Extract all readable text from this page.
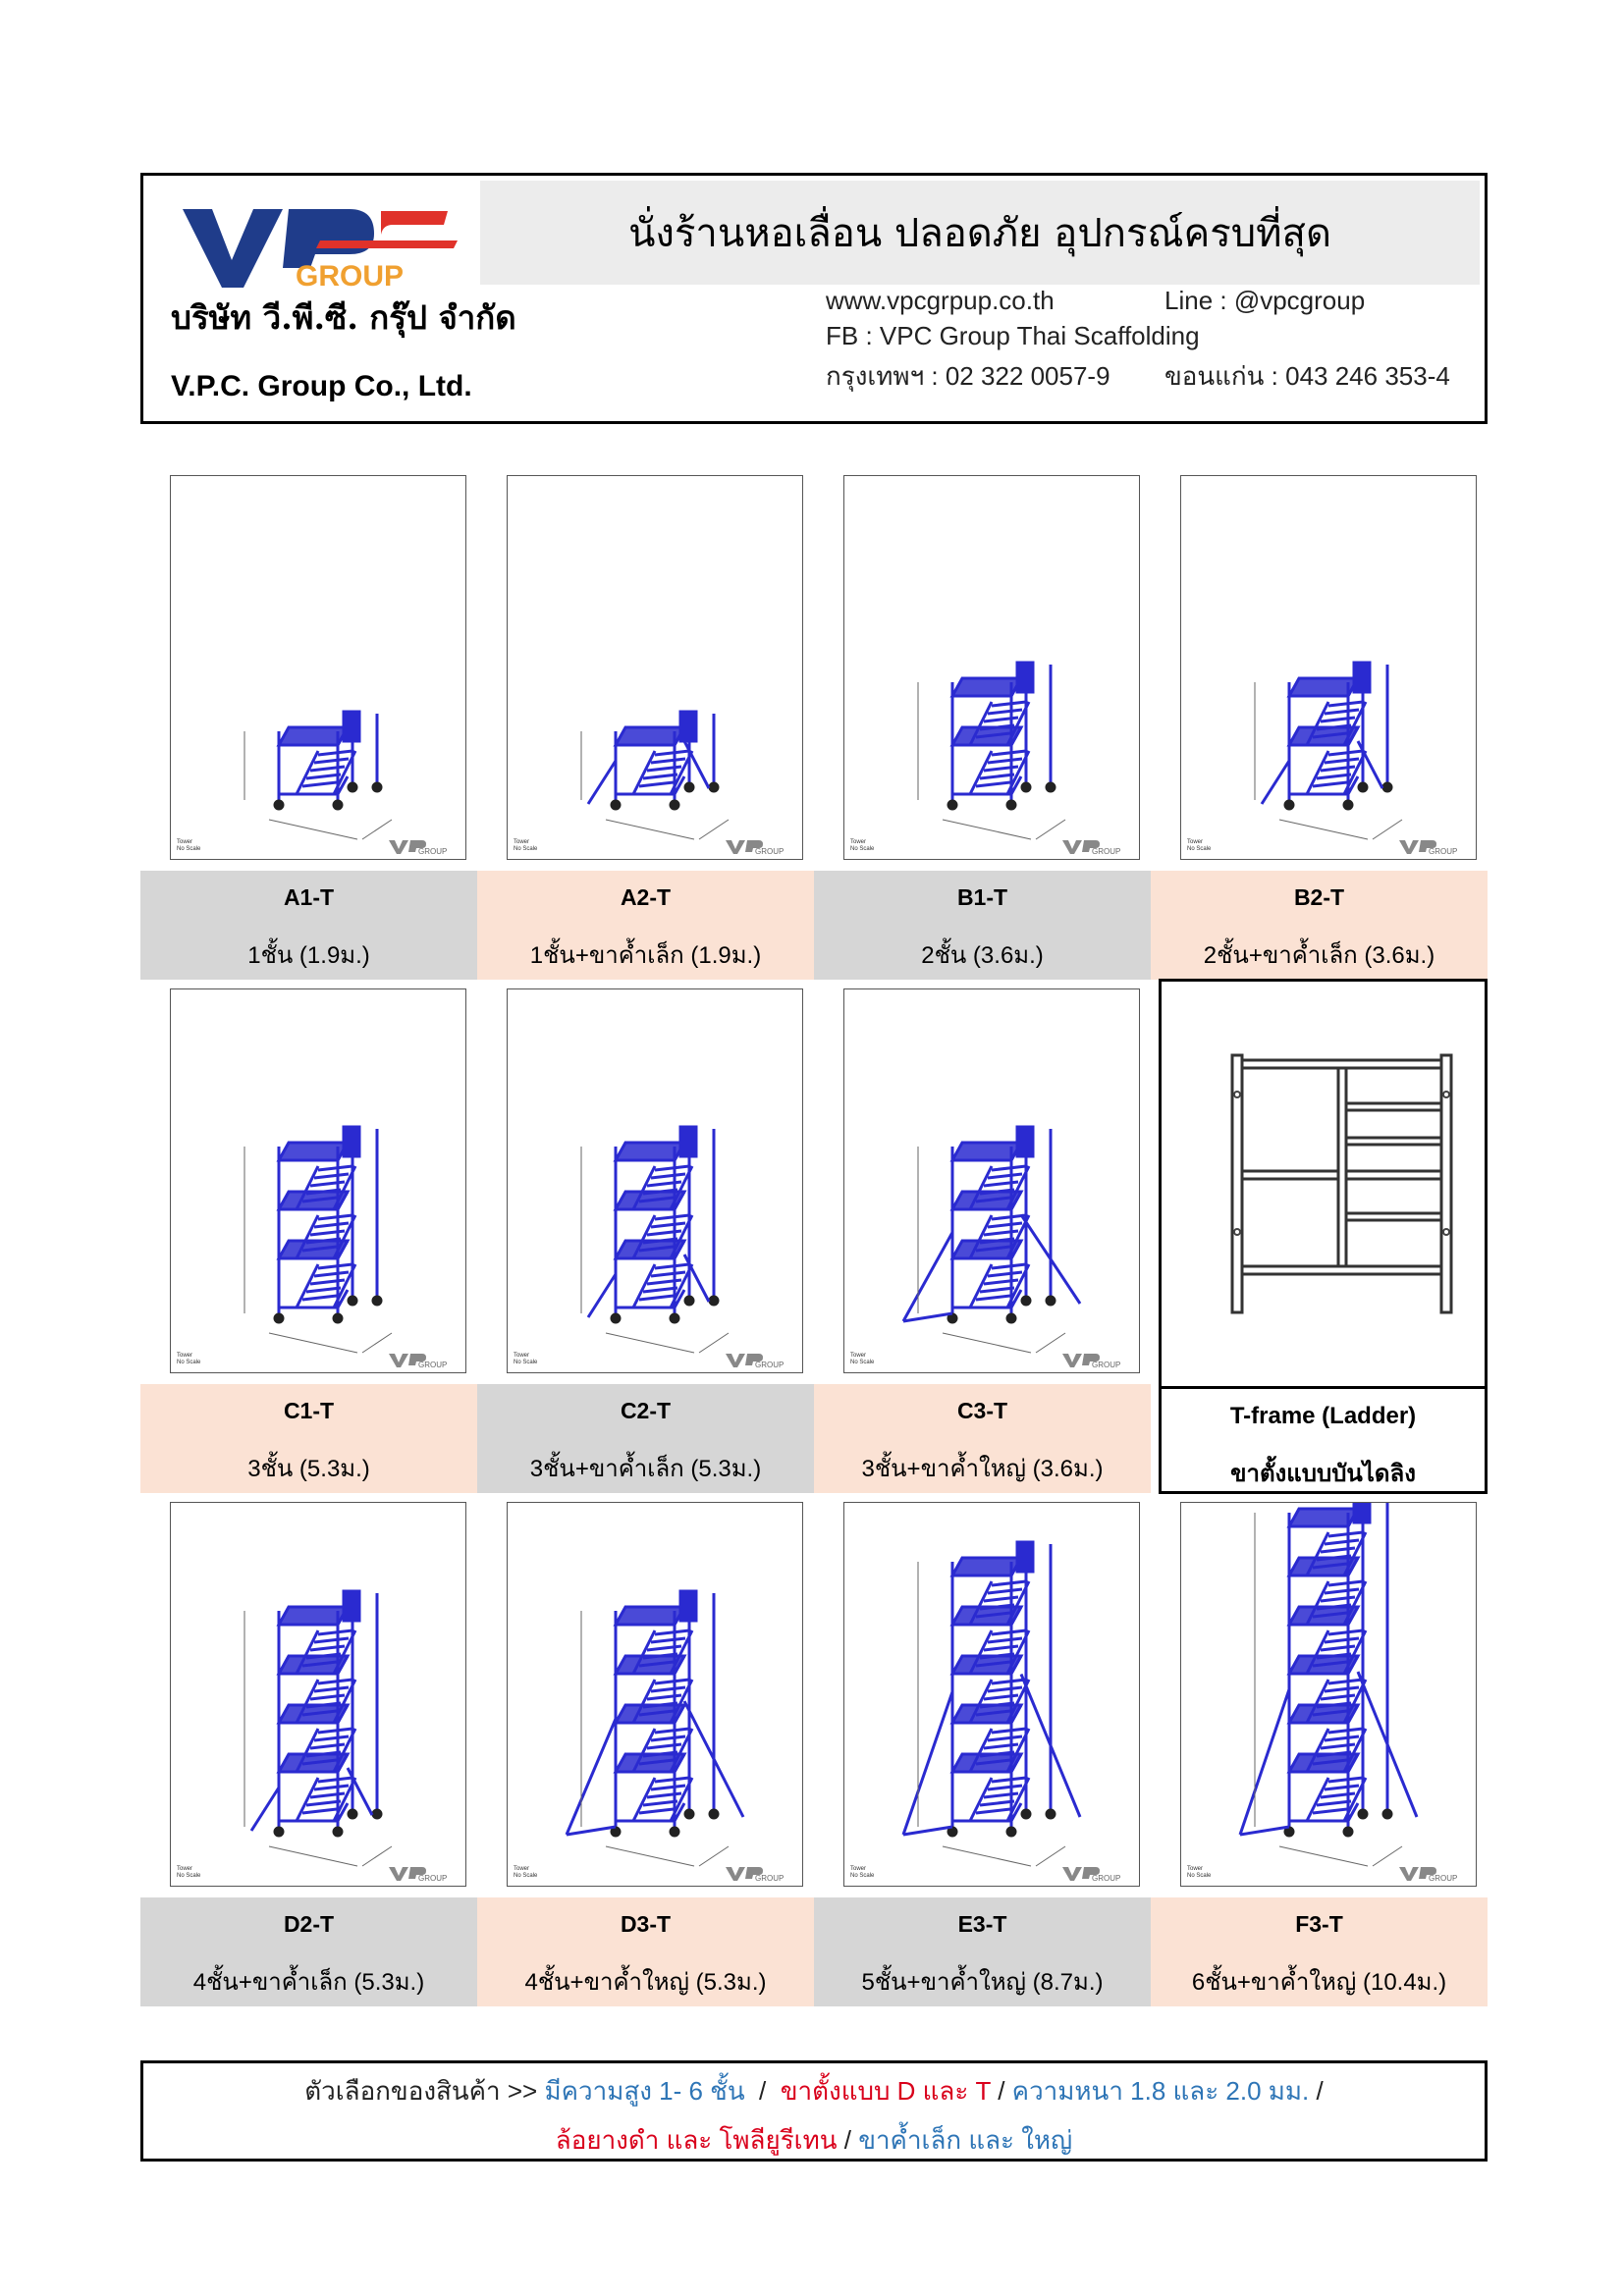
GROUP
นั่งร้านหอเลื่อน ปลอดภัย อุปกรณ์ครบที่สุด
บริษัท วี.พี.ซี. กรุ๊ป จำกัด
V.P.C. Group Co., Ltd.
www.vpcgrpup.co.th	Line : @vpcgroup
FB : VPC Group Thai Scaffolding
กรุงเทพฯ : 02 322 0057-9 ขอนแก่น : 043 246 353-4
Tower
No Scale	GROUP
A1-T
1ชั้น (1.9ม.)
Tower
No Scale	GROUP
A2-T
1ชั้น+ขาค้ำเล็ก (1.9ม.)
Tower
No Scale	GROUP
B1-T
2ชั้น (3.6ม.)
Tower
No Scale	GROUP
B2-T
2ชั้น+ขาค้ำเล็ก (3.6ม.)
Tower
No Scale	GROUP
C1-T
3ชั้น (5.3ม.)
Tower
No Scale	GROUP
C2-T
3ชั้น+ขาค้ำเล็ก (5.3ม.)
Tower
No Scale	GROUP
C3-T
3ชั้น+ขาค้ำใหญ่ (3.6ม.)
Tower
No Scale	GROUP
D2-T
4ชั้น+ขาค้ำเล็ก (5.3ม.)
Tower
No Scale	GROUP
D3-T
4ชั้น+ขาค้ำใหญ่ (5.3ม.)
Tower
No Scale	GROUP
E3-T
5ชั้น+ขาค้ำใหญ่ (8.7ม.)
Tower
No Scale	GROUP
F3-T
6ชั้น+ขาค้ำใหญ่ (10.4ม.)
T-frame (Ladder)
ขาตั้งแบบบันไดลิง
ตัวเลือกของสินค้า >> มีความสูง 1- 6 ชั้น / ขาตั้งแบบ D และ T / ความหนา 1.8 และ 2.0 มม. /
ล้อยางดำ และ โพลียูรีเทน / ขาค้ำเล็ก และ ใหญ่
